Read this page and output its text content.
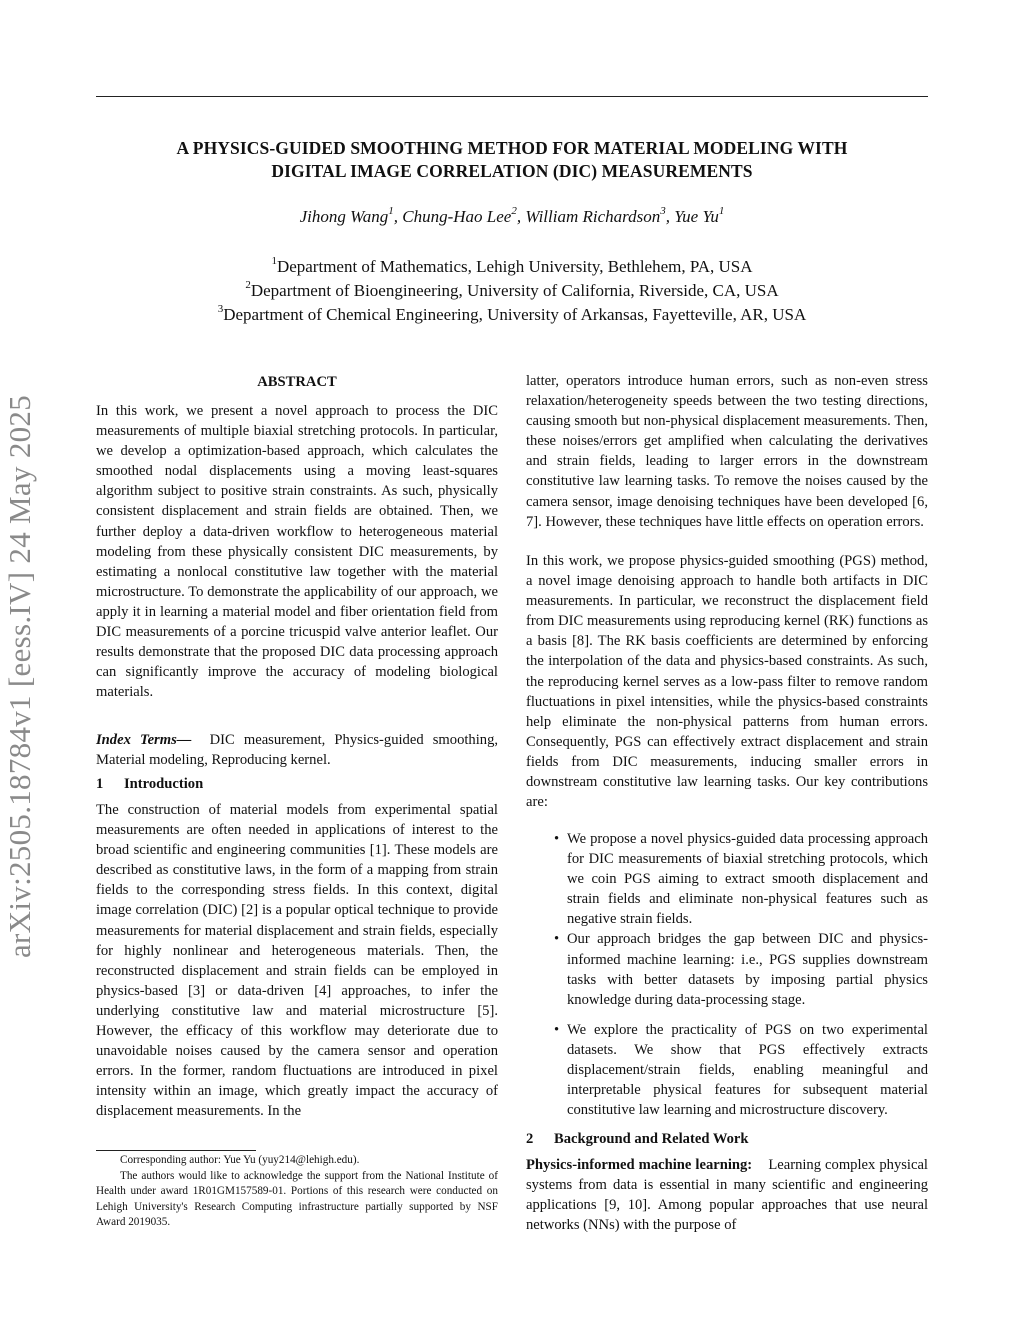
A PHYSICS-GUIDED SMOOTHING METHOD FOR MATERIAL MODELING WITH
DIGITAL IMAGE CORRELATION (DIC) MEASUREMENTS
Jihong Wang$^1$, Chung-Hao Lee$^2$, William Richardson$^3$, Yue Yu$^1$
$^1$Department of Mathematics, Lehigh University, Bethlehem, PA, USA
$^2$Department of Bioengineering, University of California, Riverside, CA, USA
$^3$Department of Chemical Engineering, University of Arkansas, Fayetteville, AR, USA
arXiv:2505.18784v1 [eess.IV] 24 May 2025
ABSTRACT

In this work, we present a novel approach to process the DIC measurements of multiple biaxial stretching protocols. In particular, we develop a optimization-based approach, which calculates the smoothed nodal displacements using a moving least-squares algorithm subject to positive strain constraints. As such, physically consistent displacement and strain fields are obtained. Then, we further deploy a data-driven workflow to heterogeneous material modeling from these physically consistent DIC measurements, by estimating a nonlocal constitutive law together with the material microstructure. To demonstrate the applicability of our approach, we apply it in learning a material model and fiber orientation field from DIC measurements of a porcine tricuspid valve anterior leaflet. Our results demonstrate that the proposed DIC data processing approach can significantly improve the accuracy of modeling biological materials.

Index Terms— DIC measurement, Physics-guided smoothing, Material modeling, Reproducing kernel.

1 Introduction

The construction of material models from experimental spatial measurements are often needed in applications of interest to the broad scientific and engineering communities [1]. These models are described as constitutive laws, in the form of a mapping from strain fields to the corresponding stress fields. In this context, digital image correlation (DIC) [2] is a popular optical technique to provide measurements for material displacement and strain fields, especially for highly nonlinear and heterogeneous materials. Then, the reconstructed displacement and strain fields can be employed in physics-based [3] or data-driven [4] approaches, to infer the underlying constitutive law and material microstructure [5]. However, the efficacy of this workflow may deteriorate due to unavoidable noises caused by the camera sensor and operation errors. In the former, random fluctuations are introduced in pixel intensity within an image, which greatly impact the accuracy of displacement measurements. In the

latter, operators introduce human errors, such as non-even stress relaxation/heterogeneity speeds between the two testing directions, causing smooth but non-physical displacement measurements. Then, these noises/errors get amplified when calculating the derivatives and strain fields, leading to larger errors in the downstream constitutive law learning tasks. To remove the noises caused by the camera sensor, image denoising techniques have been developed [6, 7]. However, these techniques have little effects on operation errors.

In this work, we propose physics-guided smoothing (PGS) method, a novel image denoising approach to handle both artifacts in DIC measurements. In particular, we reconstruct the displacement field from DIC measurements using reproducing kernel (RK) functions as a basis [8]. The RK basis coefficients are determined by enforcing the interpolation of the data and physics-based constraints. As such, the reproducing kernel serves as a low-pass filter to remove random fluctuations in pixel intensities, while the physics-based constraints help eliminate the non-physical patterns from human errors. Consequently, PGS can effectively extract displacement and strain fields from DIC measurements, inducing smaller errors in downstream constitutive law learning tasks. Our key contributions are:

• We propose a novel physics-guided data processing approach for DIC measurements of biaxial stretching protocols, which we coin PGS aiming to extract smooth displacement and strain fields and eliminate non-physical features such as negative strain fields.
• Our approach bridges the gap between DIC and physics-informed machine learning: i.e., PGS supplies downstream tasks with better datasets by imposing partial physics knowledge during data-processing stage.
• We explore the practicality of PGS on two experimental datasets. We show that PGS effectively extracts displacement/strain fields, enabling meaningful and interpretable physical features for subsequent material constitutive law learning and microstructure discovery.
2 Background and Related Work

Physics-informed machine learning: Learning complex physical systems from data is essential in many scientific and engineering applications [9, 10]. Among popular approaches that use neural networks (NNs) with the purpose of

Corresponding author: Yue Yu (yuy214@lehigh.edu).

The authors would like to acknowledge the support from the National Institute of Health under award 1R01GM157589-01. Portions of this research were conducted on Lehigh University's Research Computing infrastructure partially supported by NSF Award 2019035.
